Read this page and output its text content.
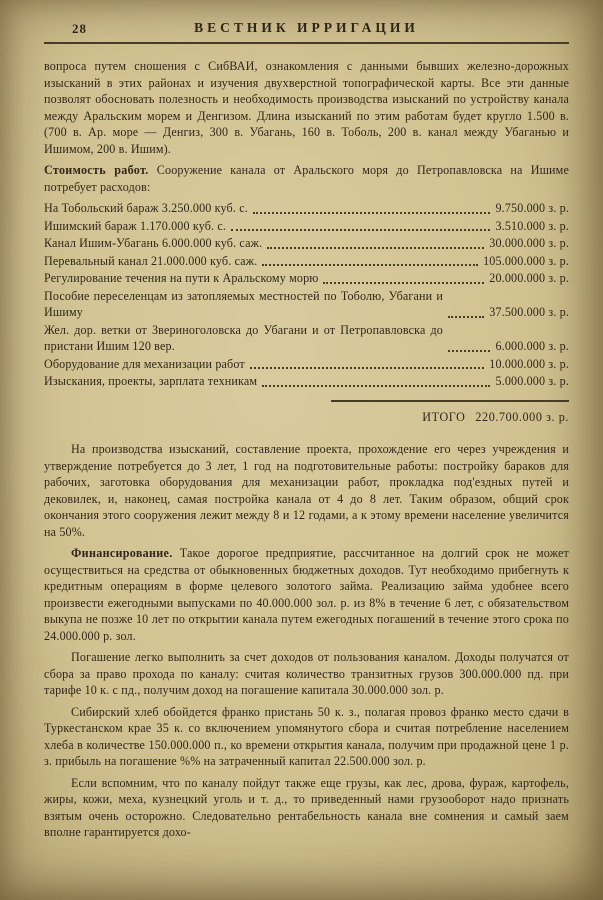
28	ВЕСТНИК ИРРИГАЦИИ

вопроса путем сношения с СибВАИ, ознакомления с данными бывших железно-дорожных изысканий в этих районах и изучения двухверстной топографической карты. Все эти данные позволят обосновать полезность и необходимость производства изысканий по устройству канала между Аральским морем и Денгизом. Длина изысканий по этим работам будет кругло 1.500 в. (700 в. Ар. море — Денгиз, 300 в. Убагань, 160 в. Тоболь, 200 в. канал между Убаганью и Ишимом, 200 в. Ишим).

Стоимость работ. Сооружение канала от Аральского моря до Петропавловска на Ишиме потребует расходов:

На Тобольский бараж 3.250.000 куб. с.	9.750.000 з. р.
Ишимский бараж 1.170.000 куб. с.	3.510.000 з. р.
Канал Ишим-Убагань 6.000.000 куб. саж.	30.000.000 з. р.
Перевальный канал 21.000.000 куб. саж.	105.000.000 з. р.
Регулирование течения на пути к Аральскому морю	20.000.000 з. р.
Пособие переселенцам из затопляемых местностей по Тоболю, Убагани и Ишиму	37.500.000 з. р.
Жел. дор. ветки от Звериноголовска до Убагани и от Петропавловска до пристани Ишим 120 вер.	6.000.000 з. р.
Оборудование для механизации работ	10.000.000 з. р.
Изыскания, проекты, зарплата техникам	5.000.000 з. р.
ИТОГО 220.700.000 з. р.

На производства изысканий, составление проекта, прохождение его через учреждения и утверждение потребуется до 3 лет, 1 год на подготовительные работы: постройку бараков для рабочих, заготовка оборудования для механизации работ, прокладка под'ездных путей и дековилек, и, наконец, самая постройка канала от 4 до 8 лет. Таким образом, общий срок окончания этого сооружения лежит между 8 и 12 годами, а к этому времени население увеличится на 50%.

Финансирование. Такое дорогое предприятие, рассчитанное на долгий срок не может осуществиться на средства от обыкновенных бюджетных доходов. Тут необходимо прибегнуть к кредитным операциям в форме целевого золотого займа. Реализацию займа удобнее всего произвести ежегодными выпусками по 40.000.000 зол. р. из 8% в течение 6 лет, с обязательством выкупа не позже 10 лет по открытии канала путем ежегодных погашений в течение этого срока по 24.000.000 р. зол.

Погашение легко выполнить за счет доходов от пользования каналом. Доходы получатся от сбора за право прохода по каналу: считая количество транзитных грузов 300.000.000 пд. при тарифе 10 к. с пд., получим доход на погашение капитала 30.000.000 зол. р.

Сибирский хлеб обойдется франко пристань 50 к. з., полагая провоз франко место сдачи в Туркестанском крае 35 к. со включением упомянутого сбора и считая потребление населением хлеба в количестве 150.000.000 п., ко времени открытия канала, получим при продажной цене 1 р. з. прибыль на погашение %% на затраченный капитал 22.500.000 зол. р.

Если вспомним, что по каналу пойдут также еще грузы, как лес, дрова, фураж, картофель, жиры, кожи, меха, кузнецкий уголь и т. д., то приведенный нами грузооборот надо признать взятым очень осторожно. Следовательно рентабельность канала вне сомнения и самый заем вполне гарантируется дохо-
